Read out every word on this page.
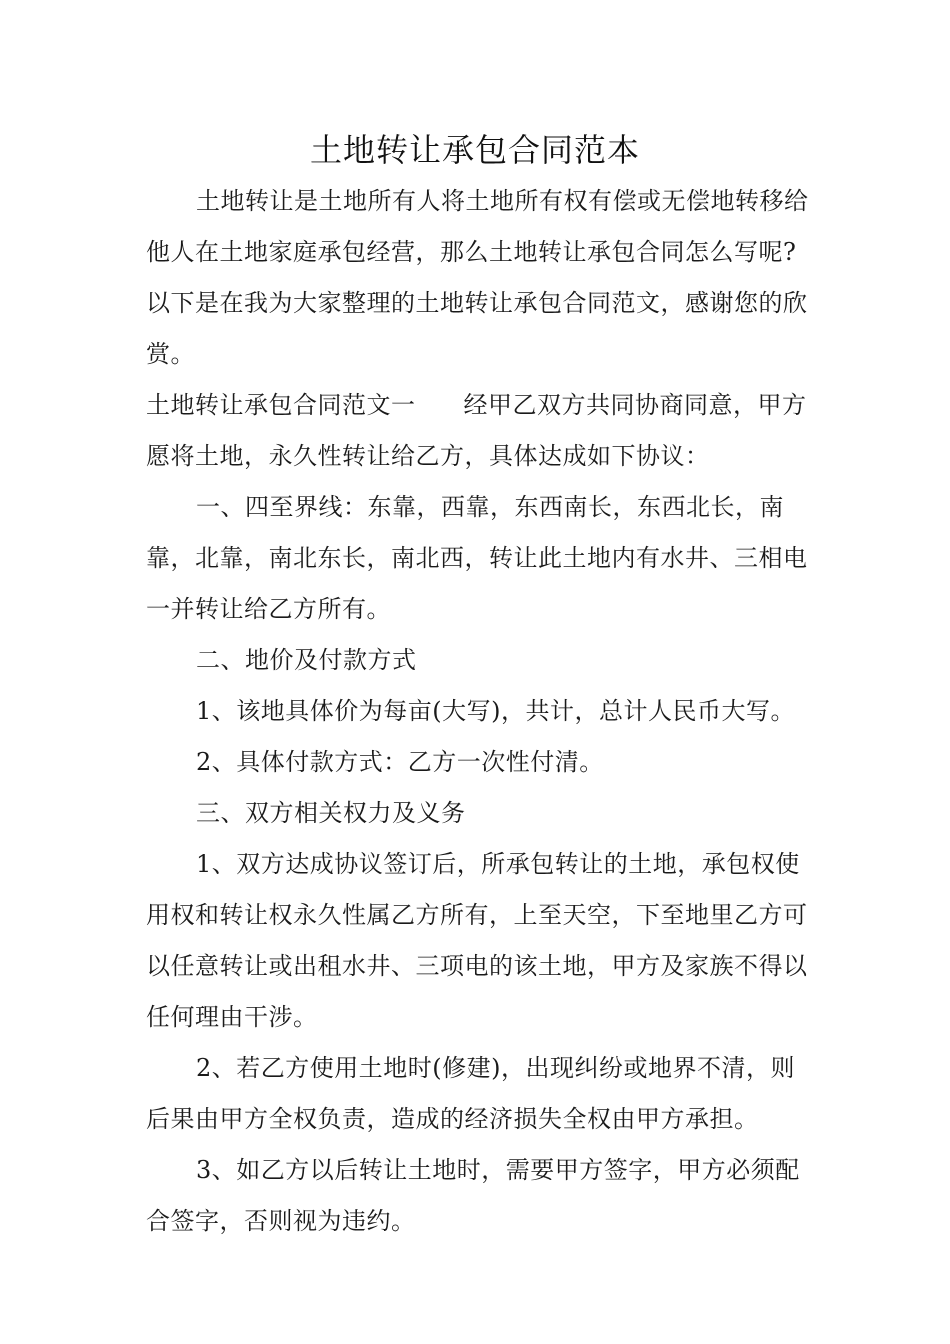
土地转让承包合同范本

土地转让是土地所有人将土地所有权有偿或无偿地转移给他人在土地家庭承包经营，那么土地转让承包合同怎么写呢?以下是在我为大家整理的土地转让承包合同范文，感谢您的欣赏。

土地转让承包合同范文一 经甲乙双方共同协商同意，甲方愿将土地，永久性转让给乙方，具体达成如下协议：

一、四至界线：东靠，西靠，东西南长，东西北长，南靠，北靠，南北东长，南北西，转让此土地内有水井、三相电一并转让给乙方所有。

二、地价及付款方式

1、该地具体价为每亩(大写)，共计，总计人民币大写。

2、具体付款方式：乙方一次性付清。

三、双方相关权力及义务

1、双方达成协议签订后，所承包转让的土地，承包权使用权和转让权永久性属乙方所有，上至天空，下至地里乙方可以任意转让或出租水井、三项电的该土地，甲方及家族不得以任何理由干涉。

2、若乙方使用土地时(修建)，出现纠纷或地界不清，则后果由甲方全权负责，造成的经济损失全权由甲方承担。

3、如乙方以后转让土地时，需要甲方签字，甲方必须配合签字，否则视为违约。
